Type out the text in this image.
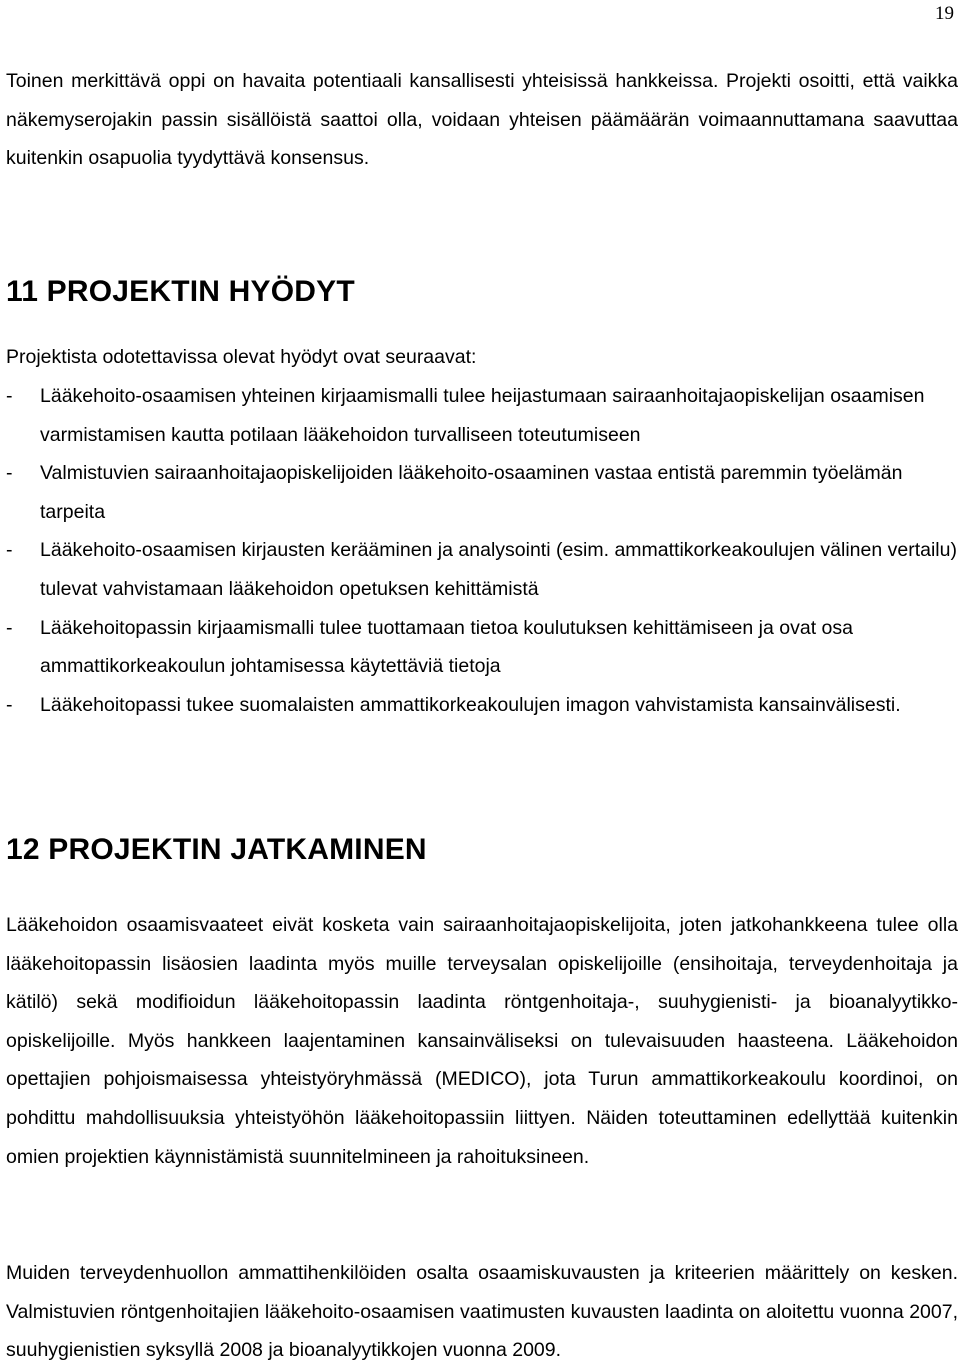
19

Toinen merkittävä oppi on havaita potentiaali kansallisesti yhteisissä hankkeissa. Projekti osoitti, että vaikka näkemyserojakin passin sisällöistä saattoi olla, voidaan yhteisen päämäärän voimaannuttamana saavuttaa kuitenkin osapuolia tyydyttävä konsensus.

11 PROJEKTIN HYÖDYT

Projektista odotettavissa olevat hyödyt ovat seuraavat:

- Lääkehoito-osaamisen yhteinen kirjaamismalli tulee heijastumaan sairaanhoitajaopiskelijan osaamisen varmistamisen kautta potilaan lääkehoidon turvalliseen toteutumiseen
- Valmistuvien sairaanhoitajaopiskelijoiden lääkehoito-osaaminen vastaa entistä paremmin työelämän tarpeita
- Lääkehoito-osaamisen kirjausten kerääminen ja analysointi (esim. ammattikorkeakoulujen välinen vertailu) tulevat vahvistamaan lääkehoidon opetuksen kehittämistä
- Lääkehoitopassin kirjaamismalli tulee tuottamaan tietoa koulutuksen kehittämiseen ja ovat osa ammattikorkeakoulun johtamisessa käytettäviä tietoja
- Lääkehoitopassi tukee suomalaisten ammattikorkeakoulujen imagon vahvistamista kansainvälisesti.
12 PROJEKTIN JATKAMINEN

Lääkehoidon osaamisvaateet eivät kosketa vain sairaanhoitajaopiskelijoita, joten jatkohankkeena tulee olla lääkehoitopassin lisäosien laadinta myös muille terveysalan opiskelijoille (ensihoitaja, terveydenhoitaja ja kätilö) sekä modifioidun lääkehoitopassin laadinta röntgenhoitaja-, suuhygienisti- ja bioanalyytikko- opiskelijoille. Myös hankkeen laajentaminen kansainväliseksi on tulevaisuuden haasteena. Lääkehoidon opettajien pohjoismaisessa yhteistyöryhmässä (MEDICO), jota Turun ammattikorkeakoulu koordinoi, on pohdittu mahdollisuuksia yhteistyöhön lääkehoitopassiin liittyen. Näiden toteuttaminen edellyttää kuitenkin omien projektien käynnistämistä suunnitelmineen ja rahoituksineen.

Muiden terveydenhuollon ammattihenkilöiden osalta osaamiskuvausten ja kriteerien määrittely on kesken. Valmistuvien röntgenhoitajien lääkehoito-osaamisen vaatimusten kuvausten laadinta on aloitettu vuonna 2007, suuhygienistien syksyllä 2008 ja bioanalyytikkojen vuonna 2009.
